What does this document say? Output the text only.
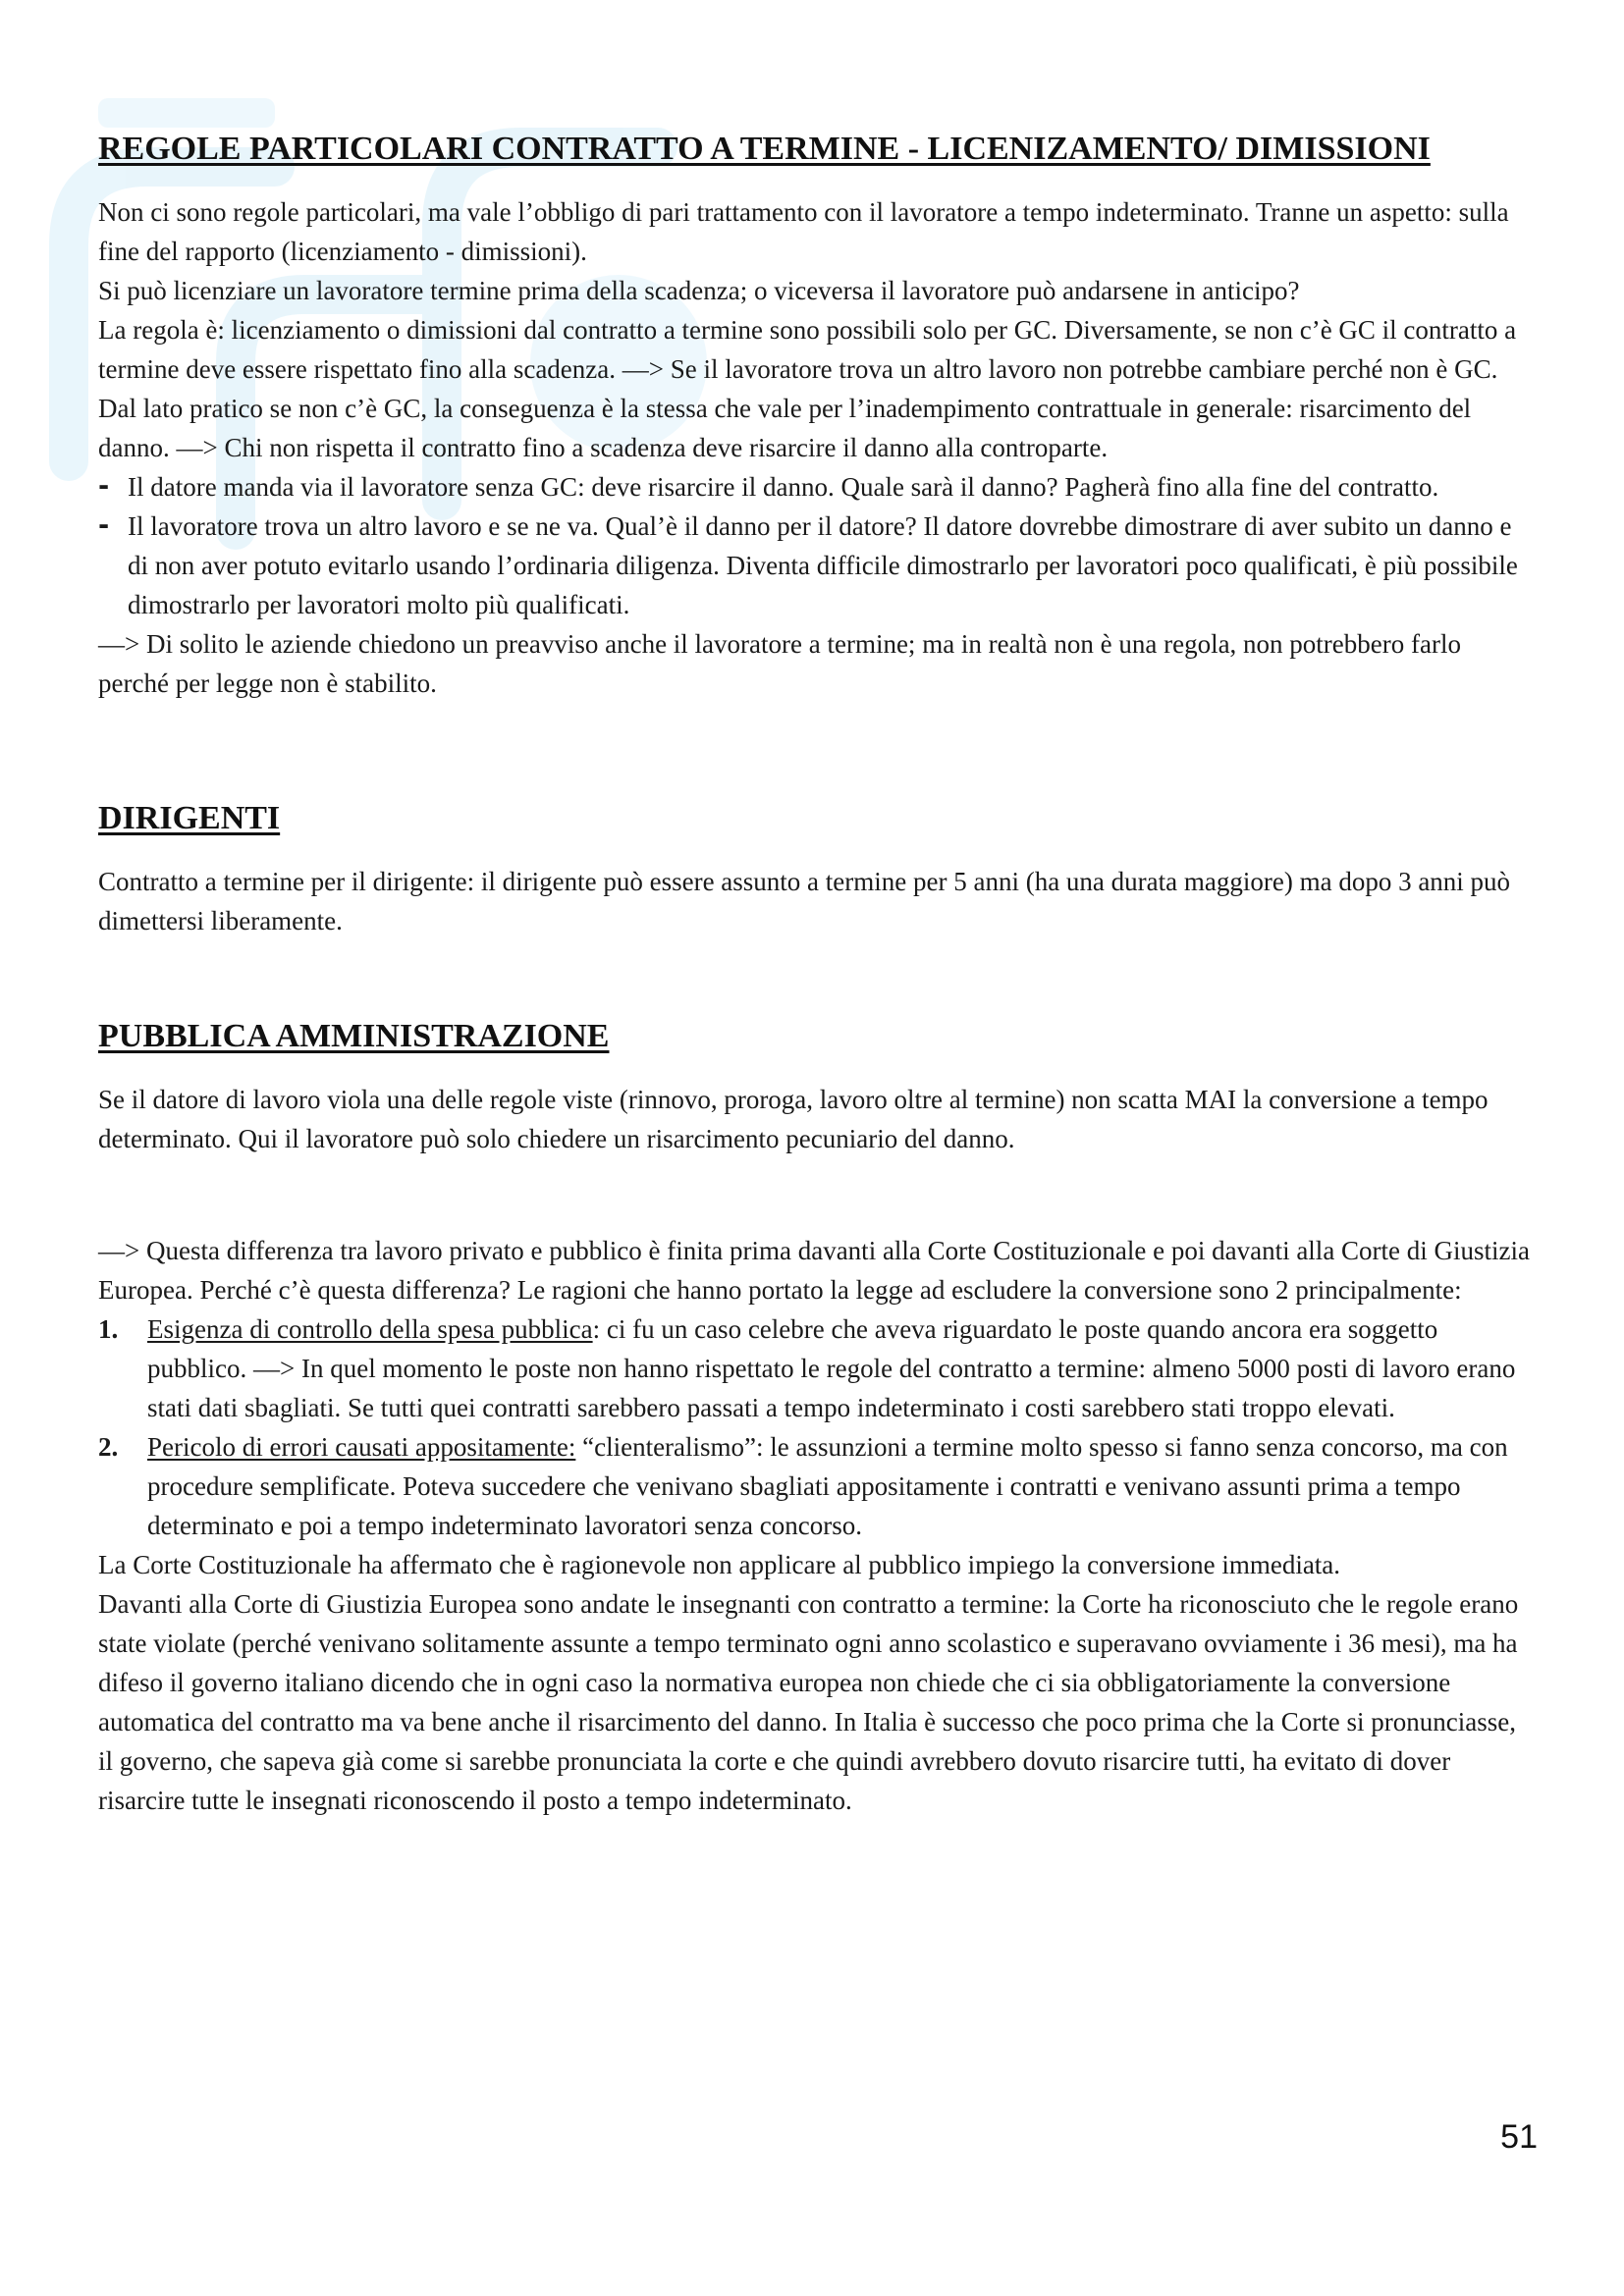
REGOLE PARTICOLARI CONTRATTO A TERMINE - LICENIZAMENTO/ DIMISSIONI

Non ci sono regole particolari, ma vale l’obbligo di pari trattamento con il lavoratore a tempo indeterminato. Tranne un aspetto: sulla fine del rapporto (licenziamento - dimissioni).

Si può licenziare un lavoratore termine prima della scadenza; o viceversa il lavoratore può andarsene in anticipo?

La regola è: licenziamento o dimissioni dal contratto a termine sono possibili solo per GC. Diversamente, se non c’è GC il contratto a termine deve essere rispettato fino alla scadenza. —> Se il lavoratore trova un altro lavoro non potrebbe cambiare perché non è GC.

Dal lato pratico se non c’è GC, la conseguenza è la stessa che vale per l’inadempimento contrattuale in generale: risarcimento del danno. —> Chi non rispetta il contratto fino a scadenza deve risarcire il danno alla controparte.

- Il datore manda via il lavoratore senza GC: deve risarcire il danno. Quale sarà il danno? Pagherà fino alla fine del contratto.
- Il lavoratore trova un altro lavoro e se ne va. Qual’è il danno per il datore? Il datore dovrebbe dimostrare di aver subito un danno e di non aver potuto evitarlo usando l’ordinaria diligenza. Diventa difficile dimostrarlo per lavoratori poco qualificati, è più possibile dimostrarlo per lavoratori molto più qualificati.

—> Di solito le aziende chiedono un preavviso anche il lavoratore a termine; ma in realtà non è una regola, non potrebbero farlo perché per legge non è stabilito.

DIRIGENTI

Contratto a termine per il dirigente: il dirigente può essere assunto a termine per 5 anni (ha una durata maggiore) ma dopo 3 anni può dimettersi liberamente.

PUBBLICA AMMINISTRAZIONE

Se il datore di lavoro viola una delle regole viste (rinnovo, proroga, lavoro oltre al termine) non scatta MAI la conversione a tempo determinato. Qui il lavoratore può solo chiedere un risarcimento pecuniario del danno.

—> Questa differenza tra lavoro privato e pubblico è finita prima davanti alla Corte Costituzionale e poi davanti alla Corte di Giustizia Europea. Perché c’è questa differenza? Le ragioni che hanno portato la legge ad escludere la conversione sono 2 principalmente:

1. Esigenza di controllo della spesa pubblica: ci fu un caso celebre che aveva riguardato le poste quando ancora era soggetto pubblico. —> In quel momento le poste non hanno rispettato le regole del contratto a termine: almeno 5000 posti di lavoro erano stati dati sbagliati. Se tutti quei contratti sarebbero passati a tempo indeterminato i costi sarebbero stati troppo elevati.
2. Pericolo di errori causati appositamente: “clienteralismo”: le assunzioni a termine molto spesso si fanno senza concorso, ma con procedure semplificate. Poteva succedere che venivano sbagliati appositamente i contratti e venivano assunti prima a tempo determinato e poi a tempo indeterminato lavoratori senza concorso.

La Corte Costituzionale ha affermato che è ragionevole non applicare al pubblico impiego la conversione immediata.

Davanti alla Corte di Giustizia Europea sono andate le insegnanti con contratto a termine: la Corte ha riconosciuto che le regole erano state violate (perché venivano solitamente assunte a tempo terminato ogni anno scolastico e superavano ovviamente i 36 mesi), ma ha difeso il governo italiano dicendo che in ogni caso la normativa europea non chiede che ci sia obbligatoriamente la conversione automatica del contratto ma va bene anche il risarcimento del danno. In Italia è successo che poco prima che la Corte si pronunciasse, il governo, che sapeva già come si sarebbe pronunciata la corte e che quindi avrebbero dovuto risarcire tutti, ha evitato di dover risarcire tutte le insegnati riconoscendo il posto a tempo indeterminato.

51
